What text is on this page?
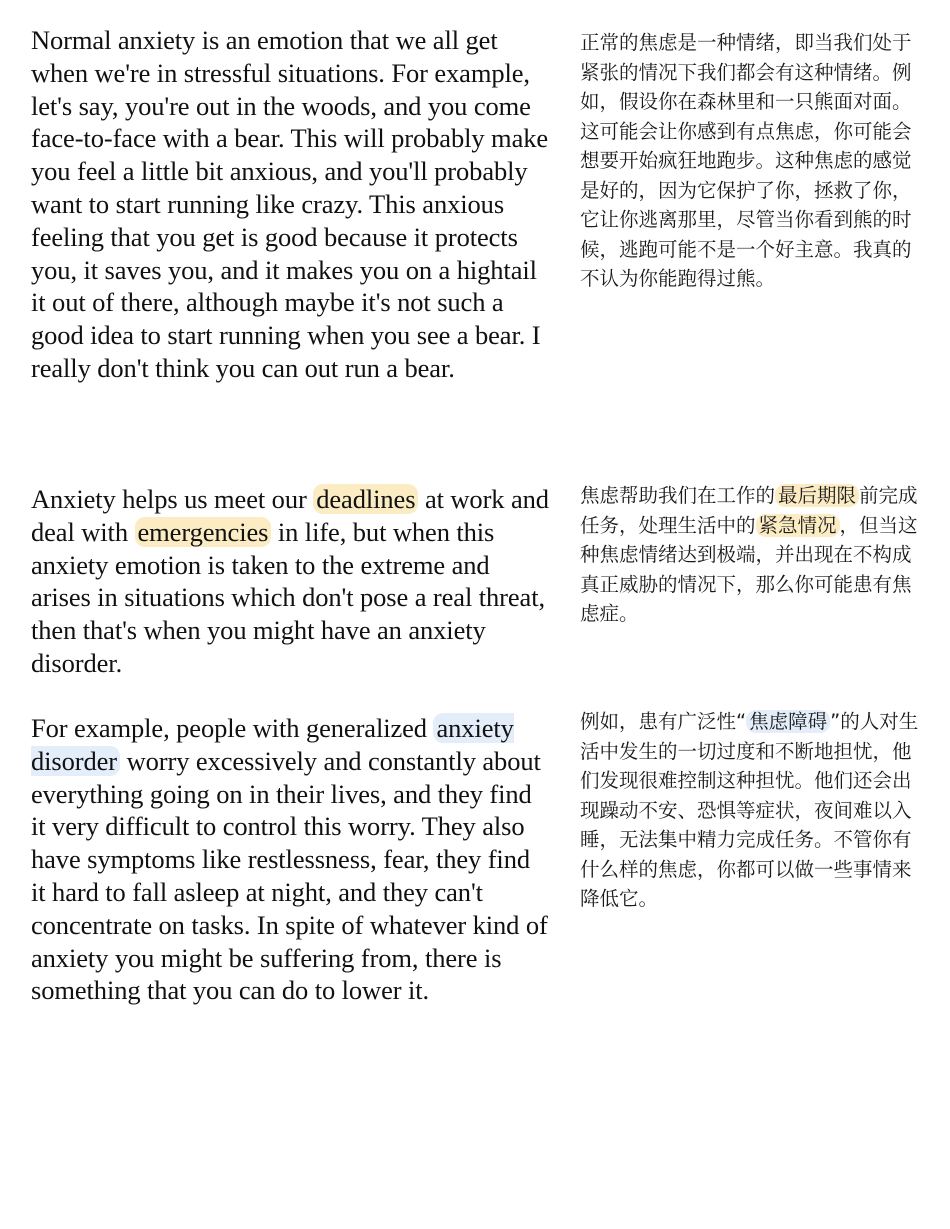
Normal anxiety is an emotion that we all get when we're in stressful situations. For example, let's say, you're out in the woods, and you come face-to-face with a bear. This will probably make you feel a little bit anxious, and you'll probably want to start running like crazy. This anxious feeling that you get is good because it protects you, it saves you, and it makes you on a hightail it out of there, although maybe it's not such a good idea to start running when you see a bear. I really don't think you can out run a bear.

正常的焦虑是一种情绪，即当我们处于紧张的情况下我们都会有这种情绪。例如，假设你在森林里和一只熊面对面。这可能会让你感到有点焦虑，你可能会想要开始疯狂地跑步。这种焦虑的感觉是好的，因为它保护了你，拯救了你，它让你逃离那里，尽管当你看到熊的时候，逃跑可能不是一个好主意。我真的不认为你能跑得过熊。

Anxiety helps us meet our deadlines at work and deal with emergencies in life, but when this anxiety emotion is taken to the extreme and arises in situations which don't pose a real threat, then that's when you might have an anxiety disorder.

焦虑帮助我们在工作的 最后期限 前完成任务，处理生活中的 紧急情况 ，但当这种焦虑情绪达到极端，并出现在不构成真正威胁的情况下，那么你可能患有焦虑症。

For example, people with generalized anxiety disorder worry excessively and constantly about everything going on in their lives, and they find it very difficult to control this worry. They also have symptoms like restlessness, fear, they find it hard to fall asleep at night, and they can't concentrate on tasks. In spite of whatever kind of anxiety you might be suffering from, there is something that you can do to lower it.

例如，患有广泛性“ 焦虑障碍 ”的人对生活中发生的一切过度和不断地担忧，他们发现很难控制这种担忧。他们还会出现躁动不安、恐惧等症状，夜间难以入睡，无法集中精力完成任务。不管你有什么样的焦虑，你都可以做一些事情来降低它。
